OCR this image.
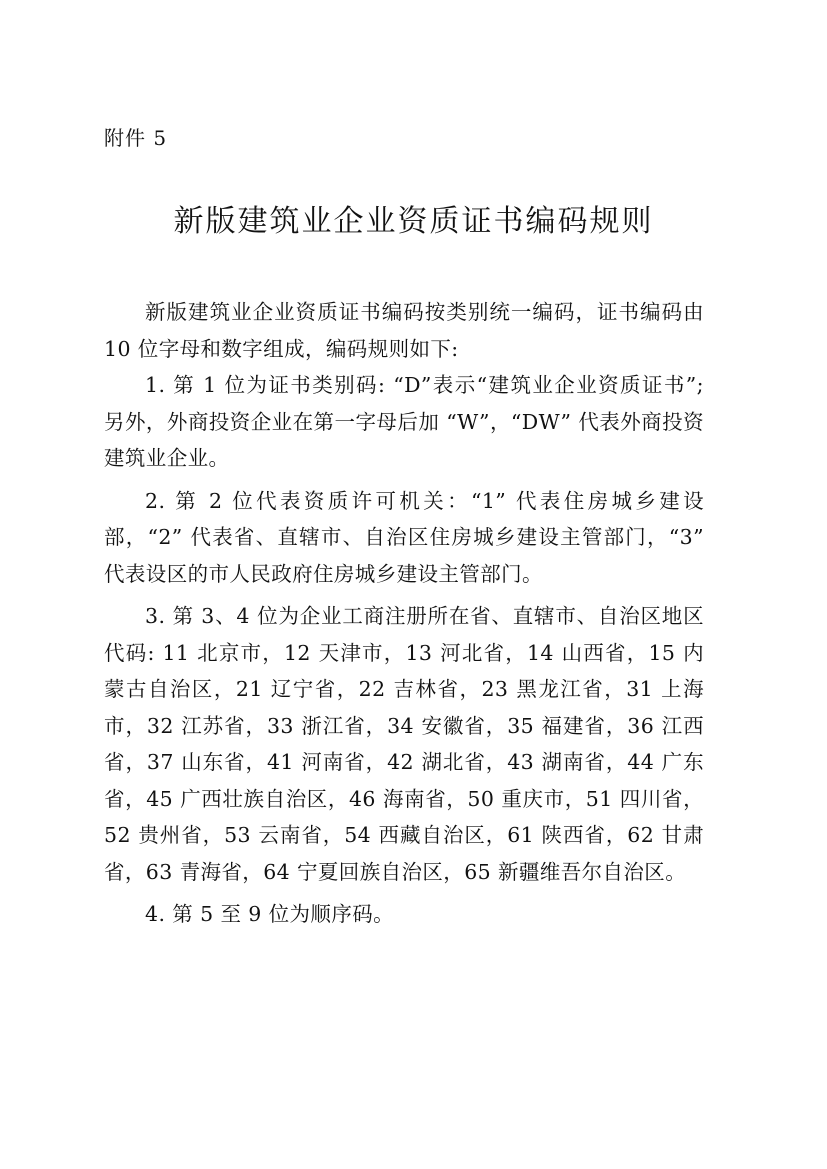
附件 5

新版建筑业企业资质证书编码规则

新版建筑业企业资质证书编码按类别统一编码，证书编码由 10 位字母和数字组成，编码规则如下:

1. 第 1 位为证书类别码: “D”表示“建筑业企业资质证书”; 另外，外商投资企业在第一字母后加 “W”，“DW” 代表外商投资建筑业企业。

2. 第 2 位代表资质许可机关：“1” 代表住房城乡建设部，“2” 代表省、直辖市、自治区住房城乡建设主管部门，“3” 代表设区的市人民政府住房城乡建设主管部门。

3. 第 3、4 位为企业工商注册所在省、直辖市、自治区地区代码: 11 北京市，12 天津市，13 河北省，14 山西省，15 内蒙古自治区，21 辽宁省，22 吉林省，23 黑龙江省，31 上海市，32 江苏省，33 浙江省，34 安徽省，35 福建省，36 江西省，37 山东省，41 河南省，42 湖北省，43 湖南省，44 广东省，45 广西壮族自治区，46 海南省，50 重庆市，51 四川省，52 贵州省，53 云南省，54 西藏自治区，61 陕西省，62 甘肃省，63 青海省，64 宁夏回族自治区，65 新疆维吾尔自治区。

4. 第 5 至 9 位为顺序码。
